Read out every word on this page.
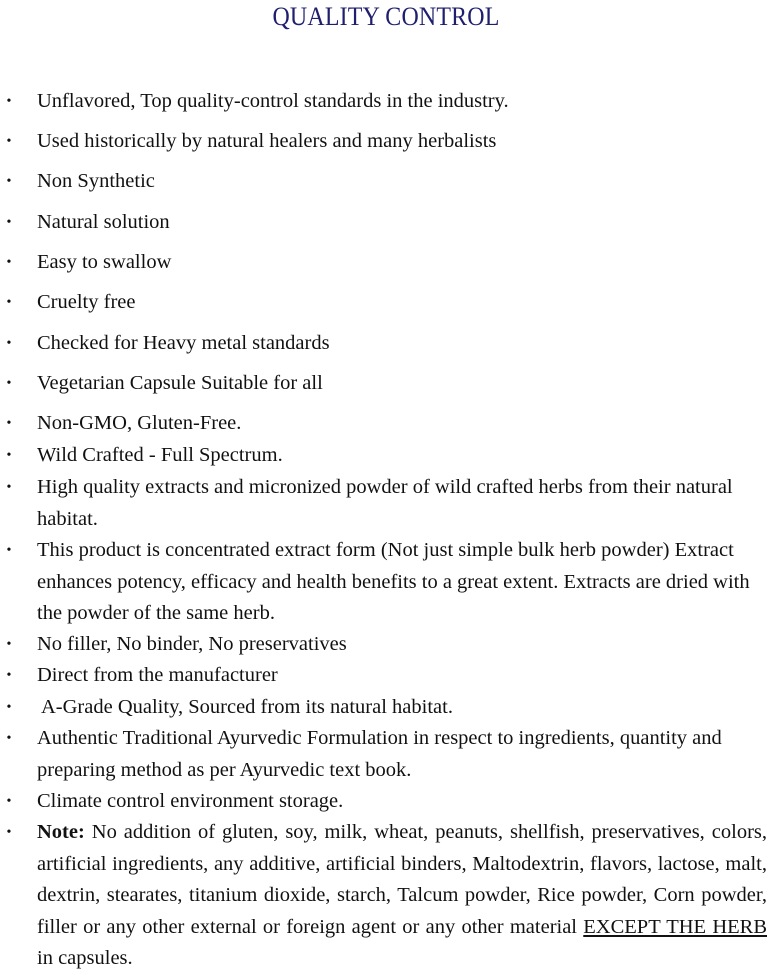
QUALITY CONTROL
• Unflavored, Top quality-control standards in the industry.
• Used historically by natural healers and many herbalists
• Non Synthetic
• Natural solution
• Easy to swallow
• Cruelty free
• Checked for Heavy metal standards
• Vegetarian Capsule Suitable for all
• Non-GMO, Gluten-Free.
• Wild Crafted - Full Spectrum.
• High quality extracts and micronized powder of wild crafted herbs from their natural habitat.
• This product is concentrated extract form (Not just simple bulk herb powder) Extract enhances potency, efficacy and health benefits to a great extent. Extracts are dried with the powder of the same herb.
• No filler, No binder, No preservatives
• Direct from the manufacturer
• A-Grade Quality, Sourced from its natural habitat.
• Authentic Traditional Ayurvedic Formulation in respect to ingredients, quantity and preparing method as per Ayurvedic text book.
• Climate control environment storage.
• Note: No addition of gluten, soy, milk, wheat, peanuts, shellfish, preservatives, colors, artificial ingredients, any additive, artificial binders, Maltodextrin, flavors, lactose, malt, dextrin, stearates, titanium dioxide, starch, Talcum powder, Rice powder, Corn powder, filler or any other external or foreign agent or any other material EXCEPT THE HERB in capsules.
